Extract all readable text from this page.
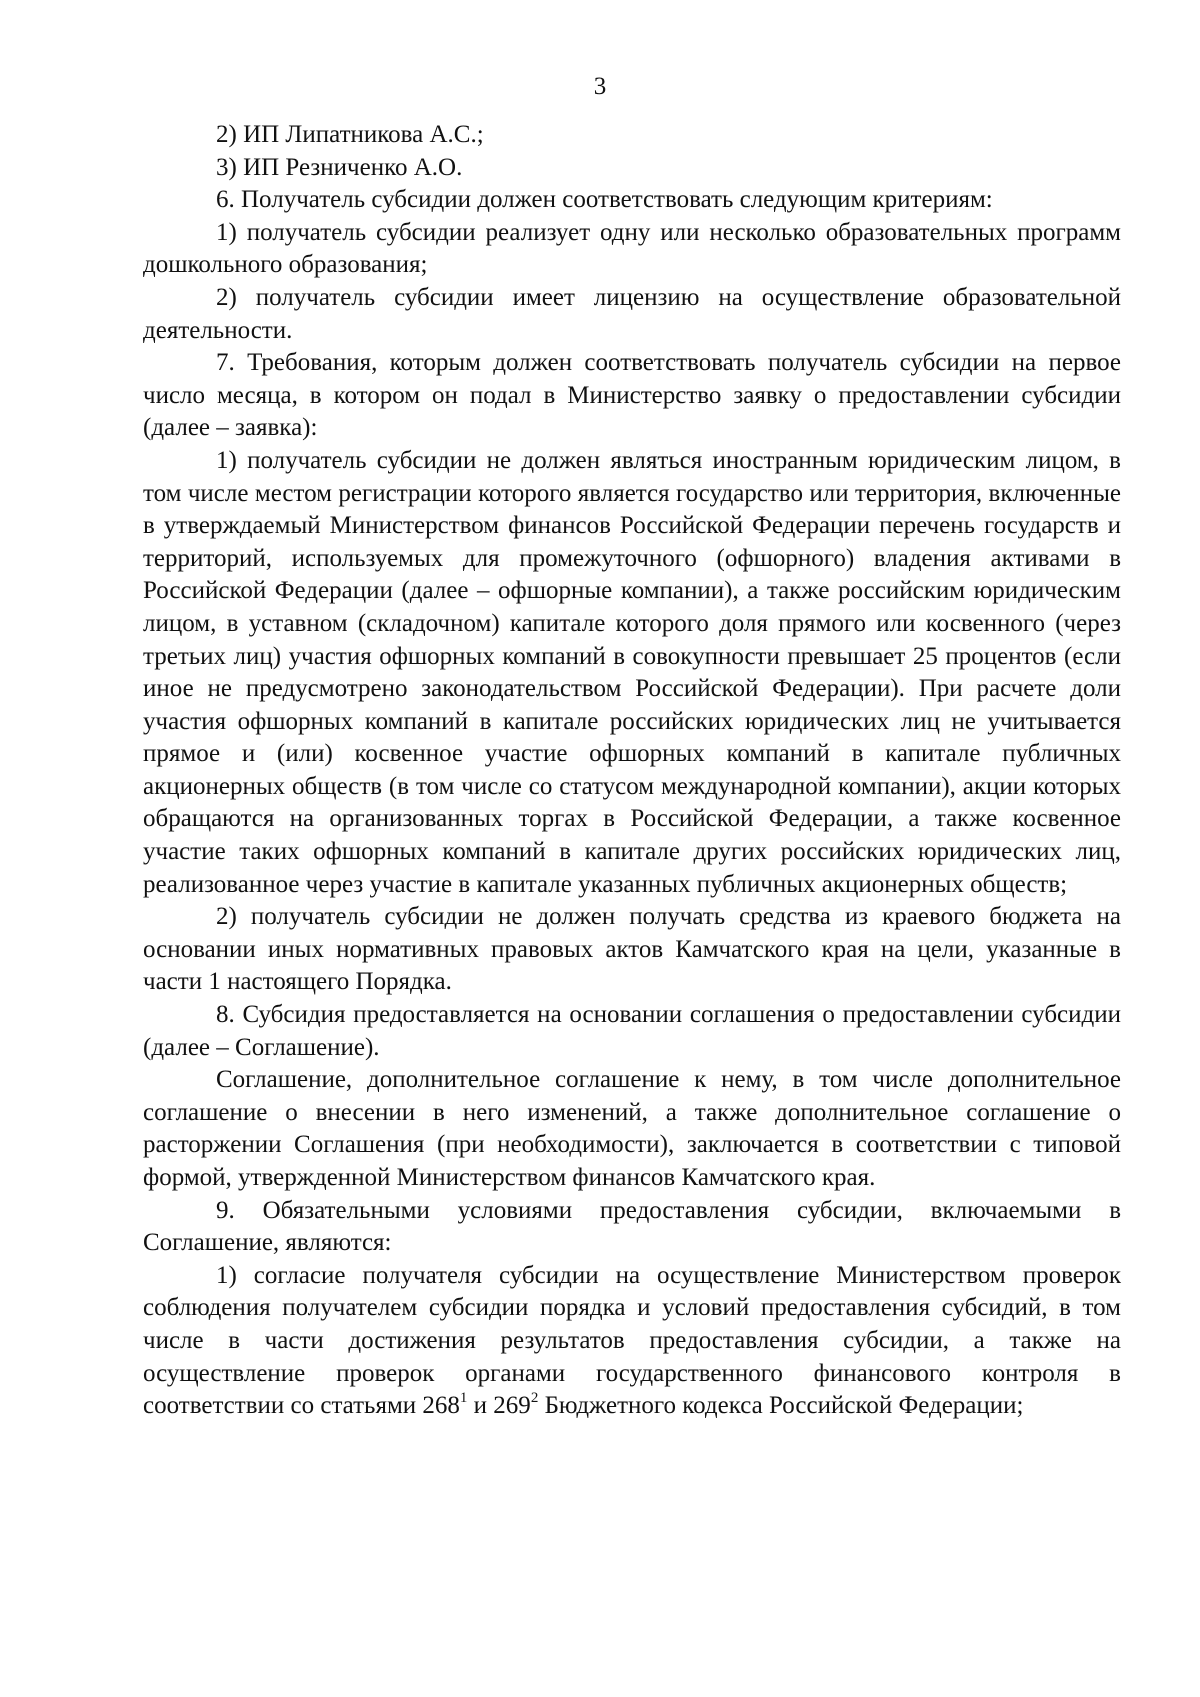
3

2) ИП Липатникова А.С.;

3) ИП Резниченко А.О.

6. Получатель субсидии должен соответствовать следующим критериям:

1) получатель субсидии реализует одну или несколько образовательных программ дошкольного образования;

2) получатель субсидии имеет лицензию на осуществление образовательной деятельности.

7. Требования, которым должен соответствовать получатель субсидии на первое число месяца, в котором он подал в Министерство заявку о предоставлении субсидии (далее – заявка):

1) получатель субсидии не должен являться иностранным юридическим лицом, в том числе местом регистрации которого является государство или территория, включенные в утверждаемый Министерством финансов Российской Федерации перечень государств и территорий, используемых для промежуточного (офшорного) владения активами в Российской Федерации (далее – офшорные компании), а также российским юридическим лицом, в уставном (складочном) капитале которого доля прямого или косвенного (через третьих лиц) участия офшорных компаний в совокупности превышает 25 процентов (если иное не предусмотрено законодательством Российской Федерации). При расчете доли участия офшорных компаний в капитале российских юридических лиц не учитывается прямое и (или) косвенное участие офшорных компаний в капитале публичных акционерных обществ (в том числе со статусом международной компании), акции которых обращаются на организованных торгах в Российской Федерации, а также косвенное участие таких офшорных компаний в капитале других российских юридических лиц, реализованное через участие в капитале указанных публичных акционерных обществ;

2) получатель субсидии не должен получать средства из краевого бюджета на основании иных нормативных правовых актов Камчатского края на цели, указанные в части 1 настоящего Порядка.

8. Субсидия предоставляется на основании соглашения о предоставлении субсидии (далее – Соглашение).

Соглашение, дополнительное соглашение к нему, в том числе дополнительное соглашение о внесении в него изменений, а также дополнительное соглашение о расторжении Соглашения (при необходимости), заключается в соответствии с типовой формой, утвержденной Министерством финансов Камчатского края.

9. Обязательными условиями предоставления субсидии, включаемыми в Соглашение, являются:

1) согласие получателя субсидии на осуществление Министерством проверок соблюдения получателем субсидии порядка и условий предоставления субсидий, в том числе в части достижения результатов предоставления субсидии, а также на осуществление проверок органами государственного финансового контроля в соответствии со статьями $268^1$ и $269^2$ Бюджетного кодекса Российской Федерации;
